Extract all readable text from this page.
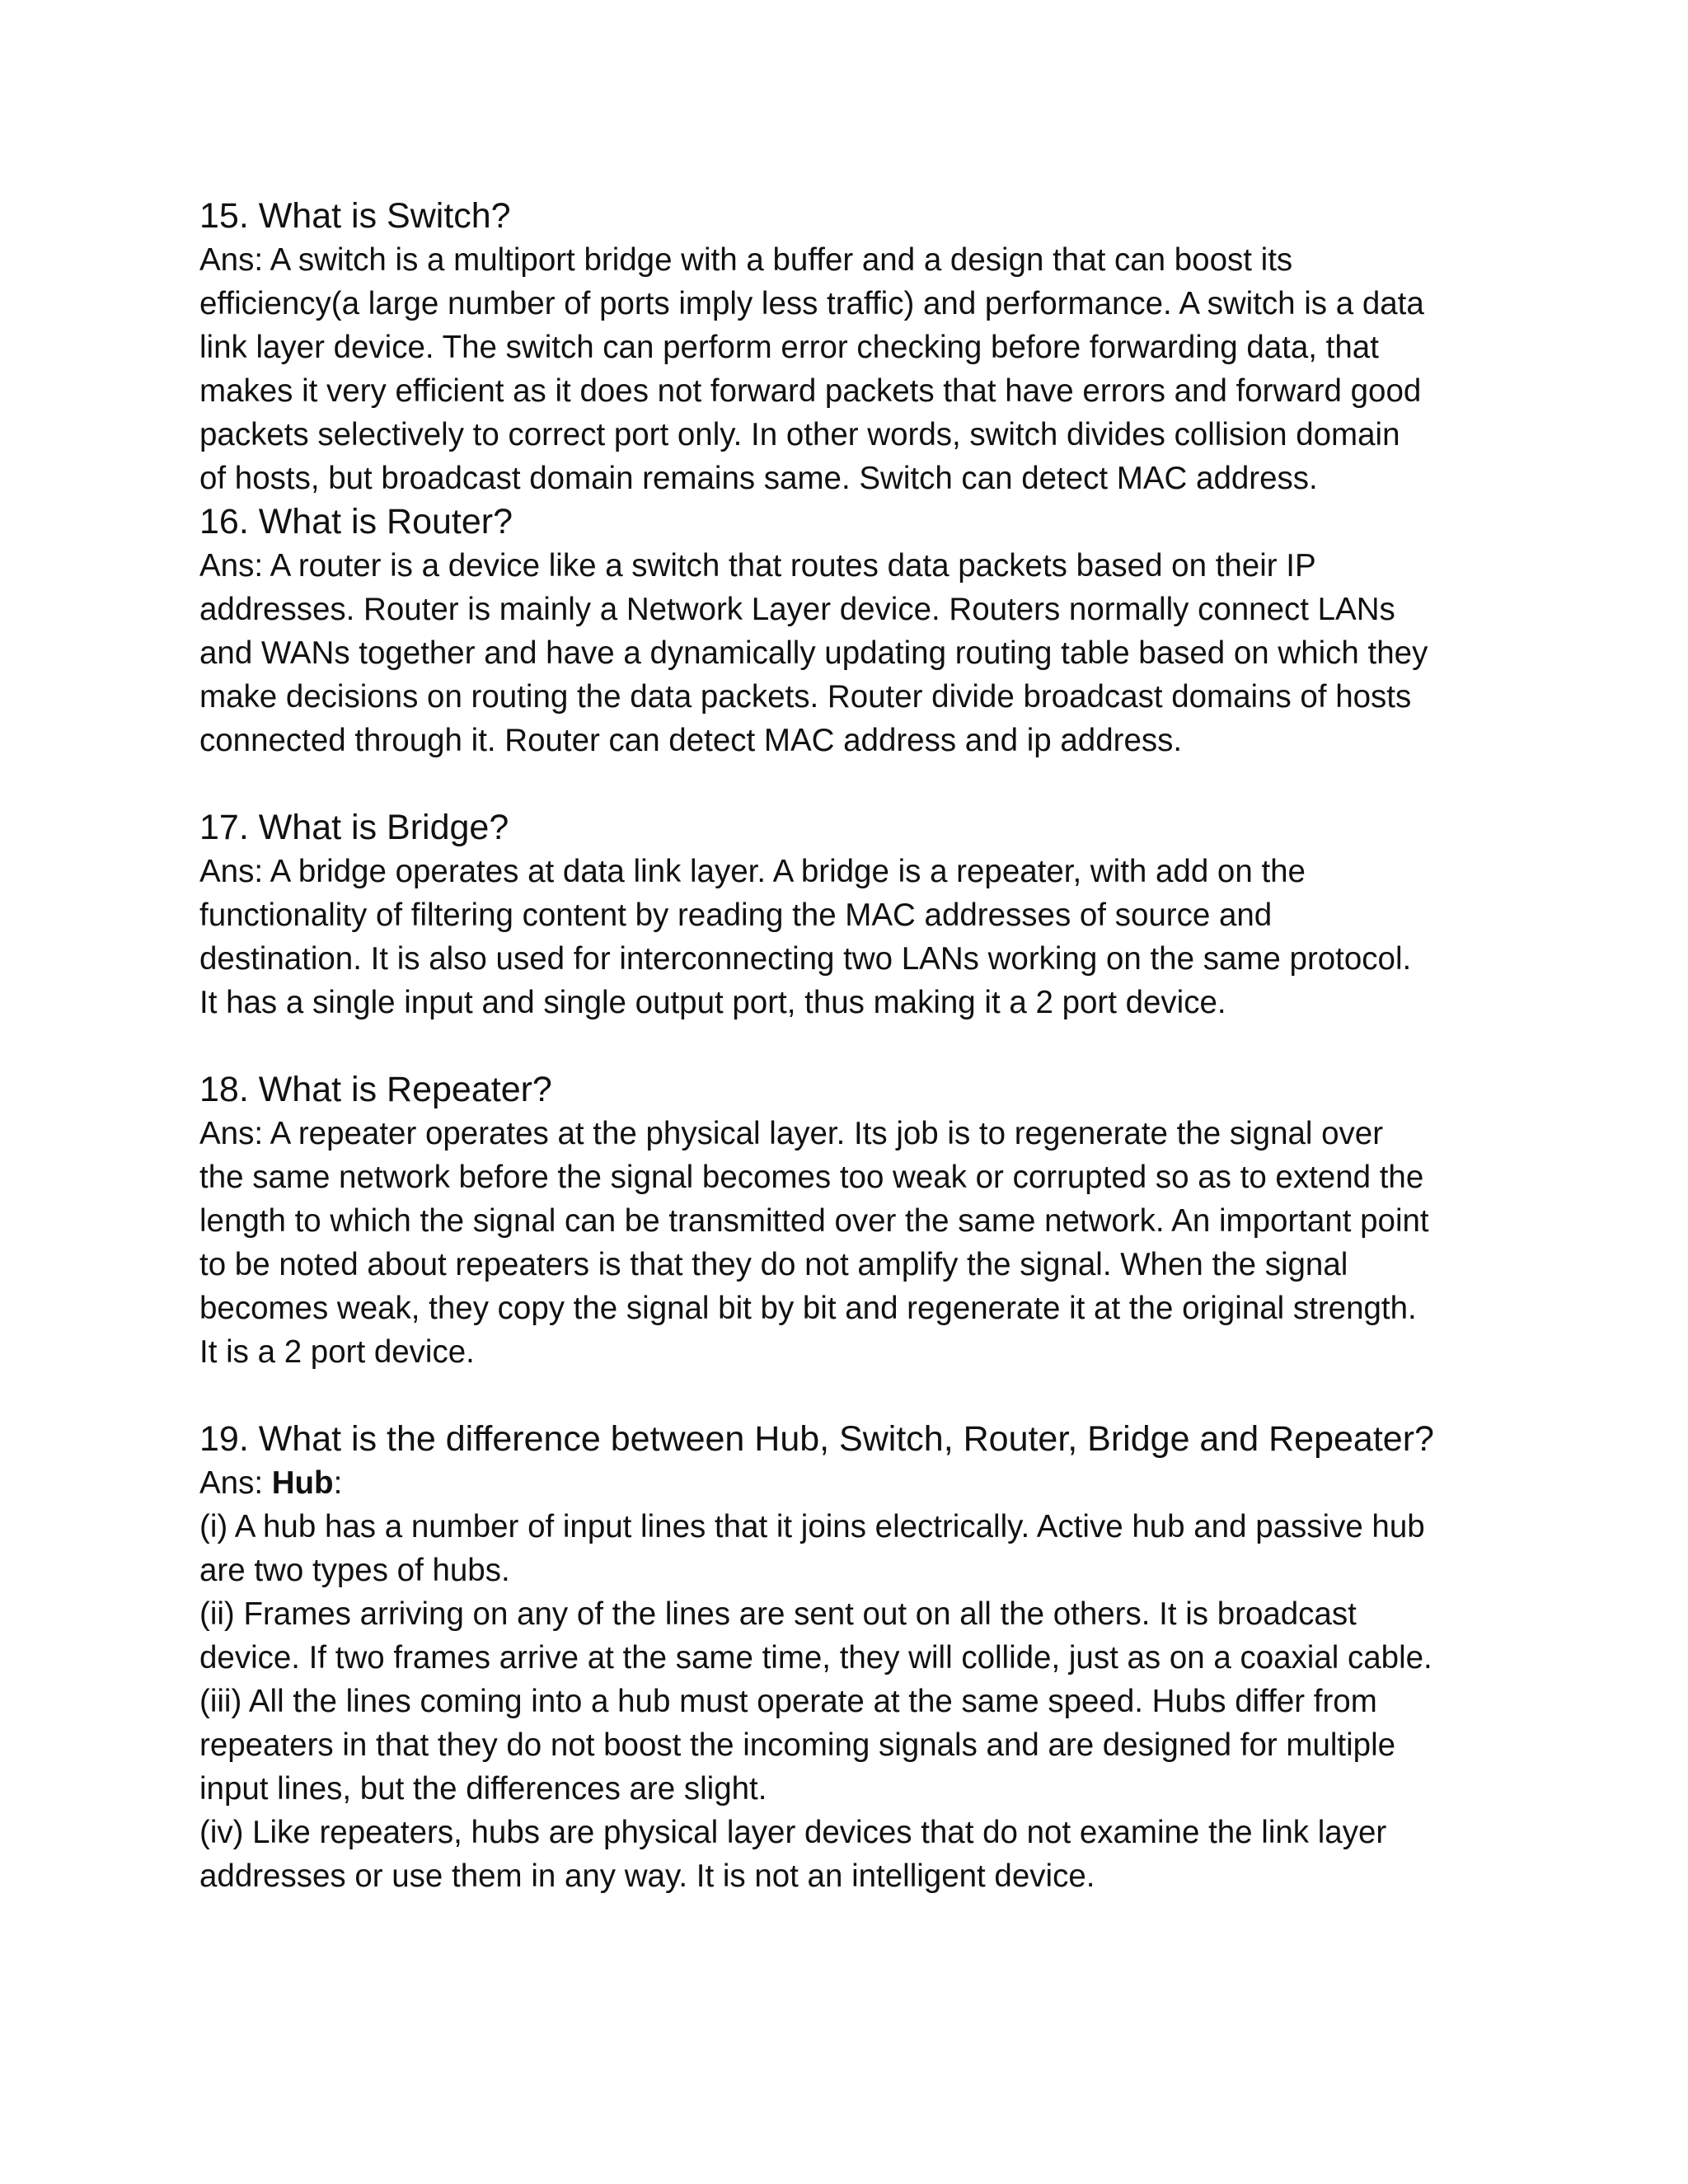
15. What is Switch?

Ans: A switch is a multiport bridge with a buffer and a design that can boost its

efficiency(a large number of ports imply less traffic) and performance. A switch is a data

link layer device. The switch can perform error checking before forwarding data, that

makes it very efficient as it does not forward packets that have errors and forward good

packets selectively to correct port only. In other words, switch divides collision domain

of hosts, but broadcast domain remains same. Switch can detect MAC address.

16. What is Router?

Ans: A router is a device like a switch that routes data packets based on their IP

addresses. Router is mainly a Network Layer device. Routers normally connect LANs

and WANs together and have a dynamically updating routing table based on which they

make decisions on routing the data packets. Router divide broadcast domains of hosts

connected through it. Router can detect MAC address and ip address.

17. What is Bridge?

Ans: A bridge operates at data link layer. A bridge is a repeater, with add on the

functionality of filtering content by reading the MAC addresses of source and

destination. It is also used for interconnecting two LANs working on the same protocol.

It has a single input and single output port, thus making it a 2 port device.

18. What is Repeater?

Ans: A repeater operates at the physical layer. Its job is to regenerate the signal over

the same network before the signal becomes too weak or corrupted so as to extend the

length to which the signal can be transmitted over the same network. An important point

to be noted about repeaters is that they do not amplify the signal. When the signal

becomes weak, they copy the signal bit by bit and regenerate it at the original strength.

It is a 2 port device.

19. What is the difference between Hub, Switch, Router, Bridge and Repeater?

Ans: Hub:

(i) A hub has a number of input lines that it joins electrically. Active hub and passive hub

are two types of hubs.

(ii) Frames arriving on any of the lines are sent out on all the others. It is broadcast

device. If two frames arrive at the same time, they will collide, just as on a coaxial cable.

(iii) All the lines coming into a hub must operate at the same speed. Hubs differ from

repeaters in that they do not boost the incoming signals and are designed for multiple

input lines, but the differences are slight.

(iv) Like repeaters, hubs are physical layer devices that do not examine the link layer

addresses or use them in any way. It is not an intelligent device.
